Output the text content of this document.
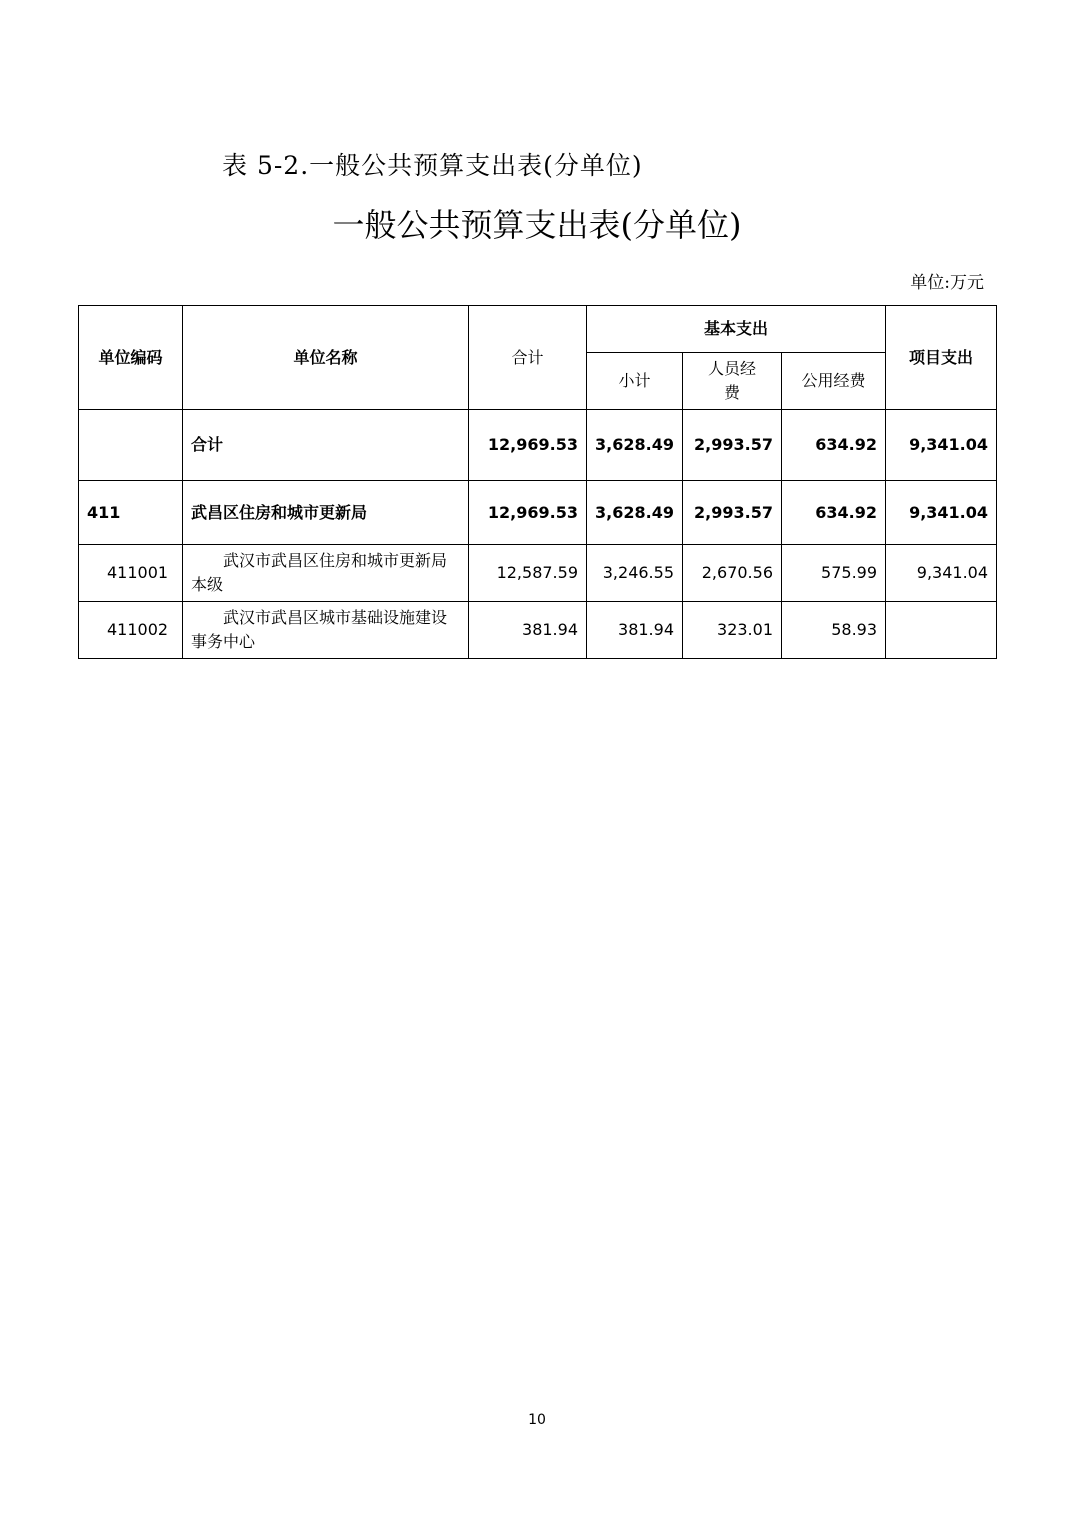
表 5-2.一般公共预算支出表(分单位)
一般公共预算支出表(分单位)
单位:万元
单位编码	单位名称	合计	基本支出			项目支出
			小计	人员经费	公用经费	
	合计	12,969.53	3,628.49	2,993.57	634.92	9,341.04
411	武昌区住房和城市更新局	12,969.53	3,628.49	2,993.57	634.92	9,341.04
411001	武汉市武昌区住房和城市更新局本级	12,587.59	3,246.55	2,670.56	575.99	9,341.04
411002	武汉市武昌区城市基础设施建设事务中心	381.94	381.94	323.01	58.93	
10
